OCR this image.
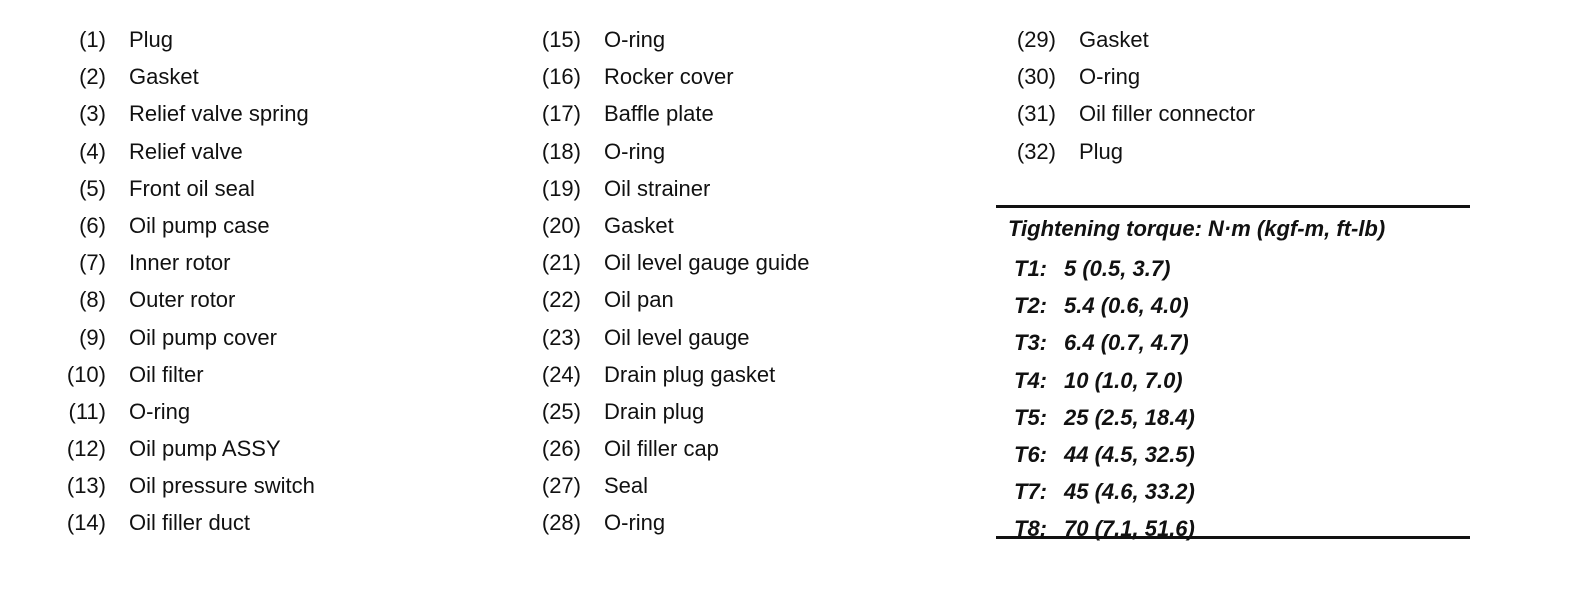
(1) Plug
(2) Gasket
(3) Relief valve spring
(4) Relief valve
(5) Front oil seal
(6) Oil pump case
(7) Inner rotor
(8) Outer rotor
(9) Oil pump cover
(10) Oil filter
(11) O-ring
(12) Oil pump ASSY
(13) Oil pressure switch
(14) Oil filler duct
(15) O-ring
(16) Rocker cover
(17) Baffle plate
(18) O-ring
(19) Oil strainer
(20) Gasket
(21) Oil level gauge guide
(22) Oil pan
(23) Oil level gauge
(24) Drain plug gasket
(25) Drain plug
(26) Oil filler cap
(27) Seal
(28) O-ring
(29) Gasket
(30) O-ring
(31) Oil filler connector
(32) Plug
Tightening torque: N·m (kgf-m, ft-lb)
T1: 5 (0.5, 3.7)
T2: 5.4 (0.6, 4.0)
T3: 6.4 (0.7, 4.7)
T4: 10 (1.0, 7.0)
T5: 25 (2.5, 18.4)
T6: 44 (4.5, 32.5)
T7: 45 (4.6, 33.2)
T8: 70 (7.1, 51.6)
